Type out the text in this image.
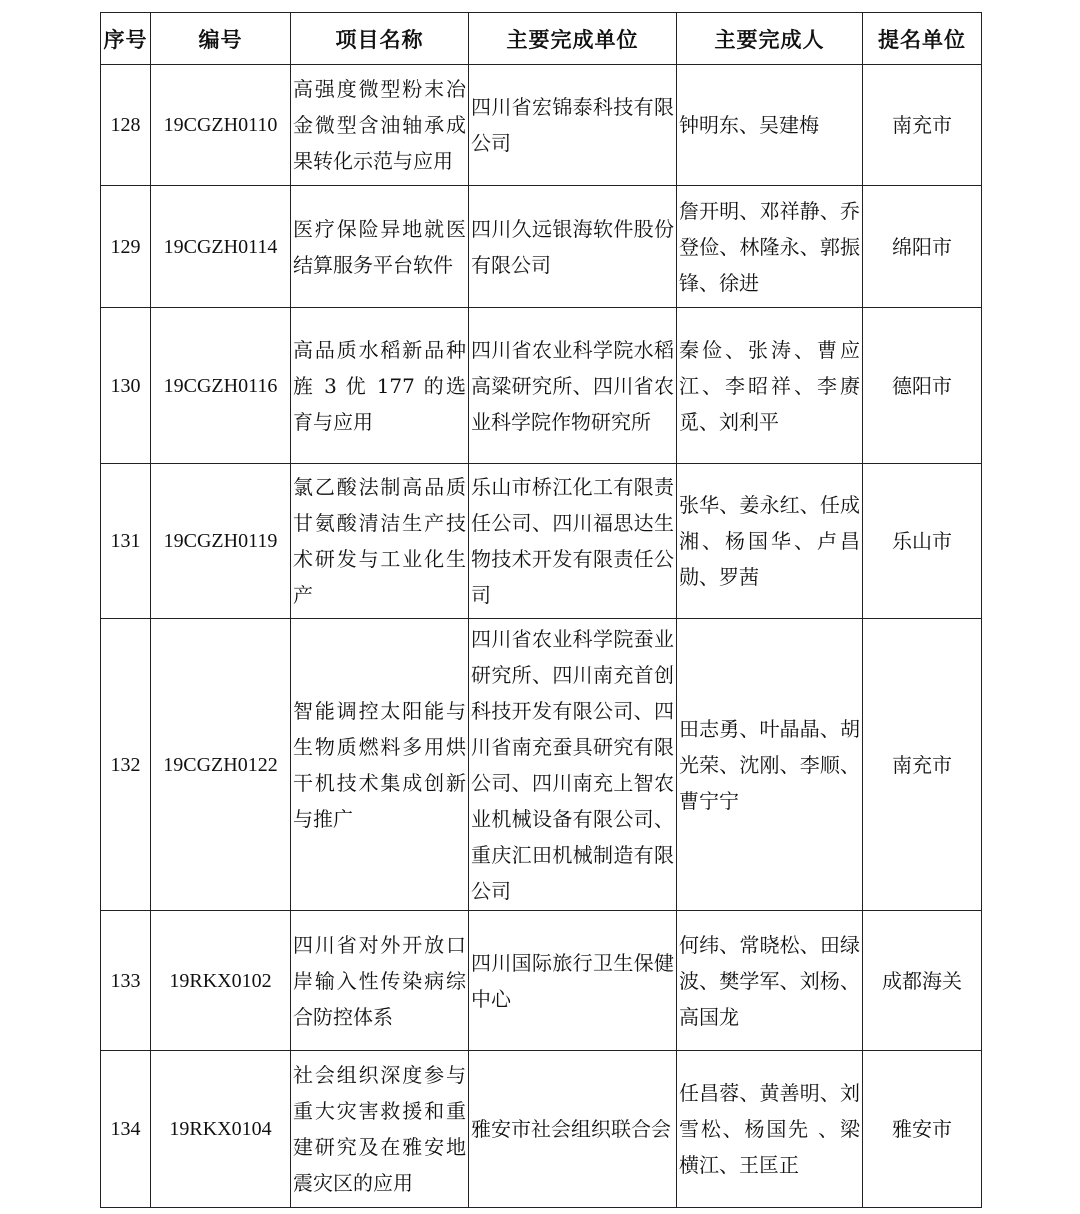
序号	编号	项目名称	主要完成单位	主要完成人	提名单位
128	19CGZH0110	高强度微型粉末冶金微型含油轴承成果转化示范与应用	四川省宏锦泰科技有限公司	钟明东、吴建梅	南充市
129	19CGZH0114	医疗保险异地就医结算服务平台软件	四川久远银海软件股份有限公司	詹开明、邓祥静、乔登俭、林隆永、郭振锋、徐进	绵阳市
130	19CGZH0116	高品质水稻新品种旌 3 优 177 的选育与应用	四川省农业科学院水稻高粱研究所、四川省农业科学院作物研究所	秦俭、张涛、曹应江、李昭祥、李赓觅、刘利平	德阳市
131	19CGZH0119	氯乙酸法制高品质甘氨酸清洁生产技术研发与工业化生产	乐山市桥江化工有限责任公司、四川福思达生物技术开发有限责任公司	张华、姜永红、任成湘、杨国华、卢昌勋、罗茜	乐山市
132	19CGZH0122	智能调控太阳能与生物质燃料多用烘干机技术集成创新与推广	四川省农业科学院蚕业研究所、四川南充首创科技开发有限公司、四川省南充蚕具研究有限公司、四川南充上智农业机械设备有限公司、重庆汇田机械制造有限公司	田志勇、叶晶晶、胡光荣、沈刚、李顺、曹宁宁	南充市
133	19RKX0102	四川省对外开放口岸输入性传染病综合防控体系	四川国际旅行卫生保健中心	何纬、常晓松、田绿波、樊学军、刘杨、高国龙	成都海关
134	19RKX0104	社会组织深度参与重大灾害救援和重建研究及在雅安地震灾区的应用	雅安市社会组织联合会	任昌蓉、黄善明、刘雪松、杨国先 、梁横江、王匡正	雅安市
